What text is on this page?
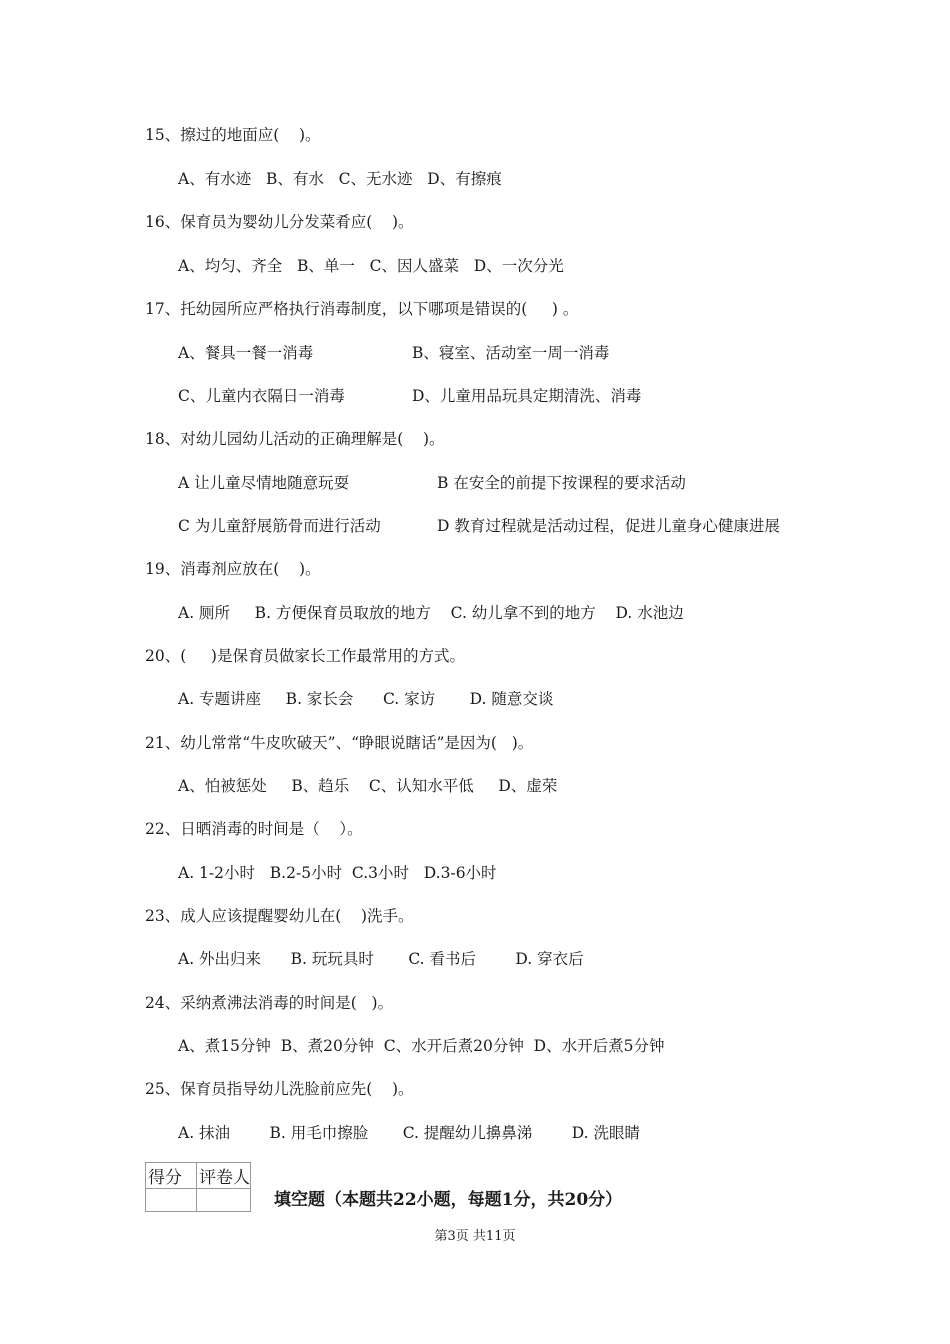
15、擦过的地面应(    )。
A、有水迹   B、有水   C、无水迹   D、有擦痕
16、保育员为婴幼儿分发菜肴应(    )。
A、均匀、齐全   B、单一   C、因人盛菜   D、一次分光
17、托幼园所应严格执行消毒制度，以下哪项是错误的(     ) 。
A、餐具一餐一消毒	B、寝室、活动室一周一消毒
C、儿童内衣隔日一消毒	D、儿童用品玩具定期清洗、消毒
18、对幼儿园幼儿活动的正确理解是(    )。
A 让儿童尽情地随意玩耍	B 在安全的前提下按课程的要求活动
C 为儿童舒展筋骨而进行活动	D 教育过程就是活动过程，促进儿童身心健康进展
19、消毒剂应放在(    )。
A. 厕所     B. 方便保育员取放的地方    C. 幼儿拿不到的地方    D. 水池边
20、(     )是保育员做家长工作最常用的方式。
A. 专题讲座     B. 家长会      C. 家访       D. 随意交谈
21、幼儿常常“牛皮吹破天”、“睁眼说瞎话”是因为(   )。
A、怕被惩处     B、趋乐    C、认知水平低     D、虚荣
22、日晒消毒的时间是（    ）。
A. 1-2小时   B.2-5小时  C.3小时   D.3-6小时
23、成人应该提醒婴幼儿在(    )洗手。
A. 外出归来      B. 玩玩具时       C. 看书后        D. 穿衣后
24、采纳煮沸法消毒的时间是(   )。
A、煮15分钟  B、煮20分钟  C、水开后煮20分钟  D、水开后煮5分钟
25、保育员指导幼儿洗脸前应先(    )。
A. 抹油        B. 用毛巾擦脸       C. 提醒幼儿擤鼻涕        D. 洗眼睛
得分	评卷人

填空题（本题共22小题，每题1分，共20分）
第3页 共11页
